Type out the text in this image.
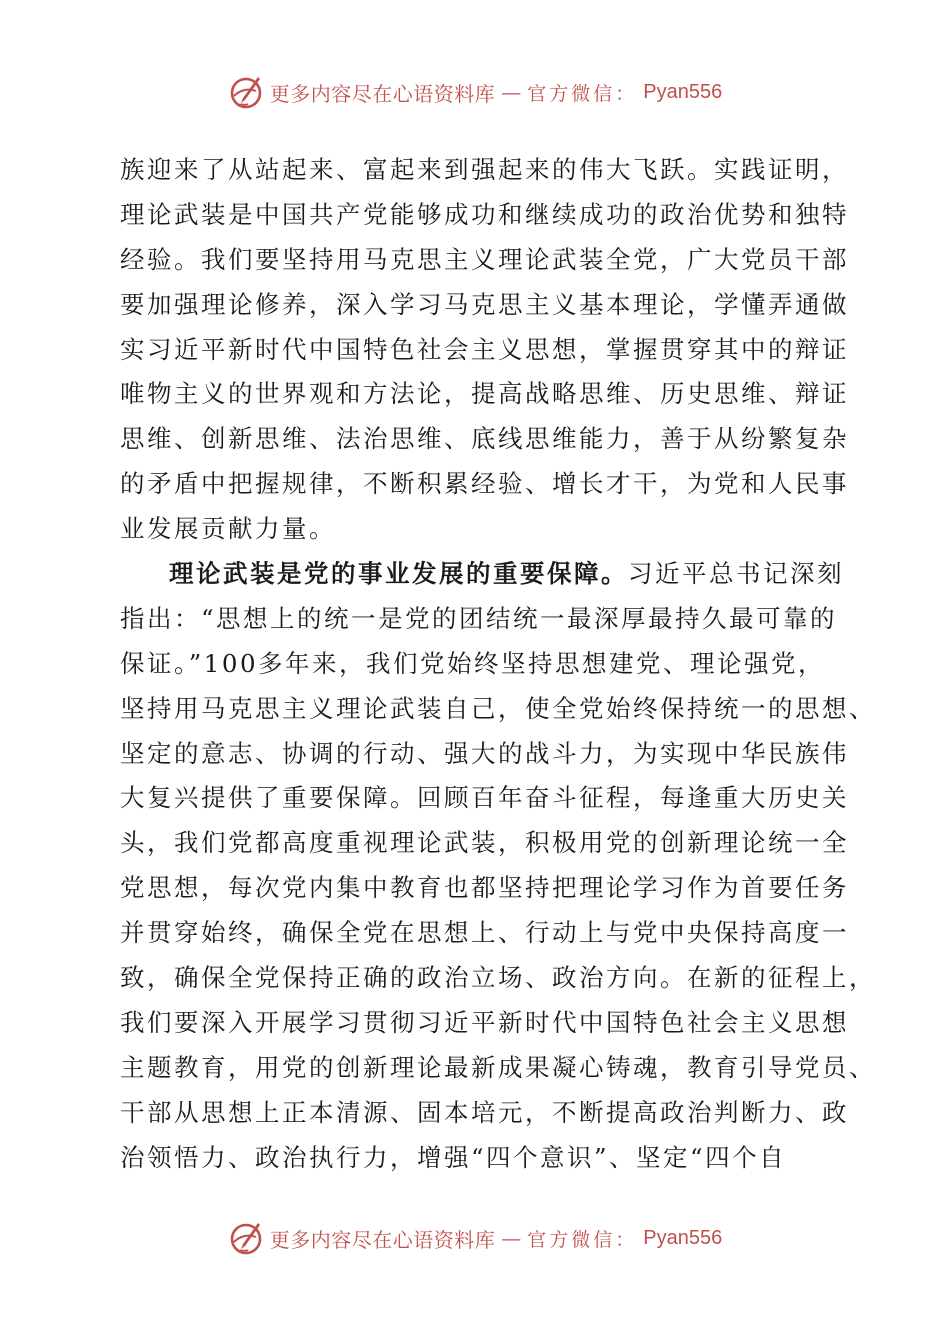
更多内容尽在心语资料库 — 官方微信： Pyan556
族迎来了从站起来、富起来到强起来的伟大飞跃。实践证明，
理论武装是中国共产党能够成功和继续成功的政治优势和独特
经验。我们要坚持用马克思主义理论武装全党，广大党员干部
要加强理论修养，深入学习马克思主义基本理论，学懂弄通做
实习近平新时代中国特色社会主义思想，掌握贯穿其中的辩证
唯物主义的世界观和方法论，提高战略思维、历史思维、辩证
思维、创新思维、法治思维、底线思维能力，善于从纷繁复杂
的矛盾中把握规律，不断积累经验、增长才干，为党和人民事
业发展贡献力量。
理论武装是党的事业发展的重要保障。习近平总书记深刻
指出：“思想上的统一是党的团结统一最深厚最持久最可靠的
保证。”100多年来，我们党始终坚持思想建党、理论强党，
坚持用马克思主义理论武装自己，使全党始终保持统一的思想、
坚定的意志、协调的行动、强大的战斗力，为实现中华民族伟
大复兴提供了重要保障。回顾百年奋斗征程，每逢重大历史关
头，我们党都高度重视理论武装，积极用党的创新理论统一全
党思想，每次党内集中教育也都坚持把理论学习作为首要任务
并贯穿始终，确保全党在思想上、行动上与党中央保持高度一
致，确保全党保持正确的政治立场、政治方向。在新的征程上，
我们要深入开展学习贯彻习近平新时代中国特色社会主义思想
主题教育，用党的创新理论最新成果凝心铸魂，教育引导党员、
干部从思想上正本清源、固本培元，不断提高政治判断力、政
治领悟力、政治执行力，增强“四个意识”、坚定“四个自
更多内容尽在心语资料库 — 官方微信： Pyan556
